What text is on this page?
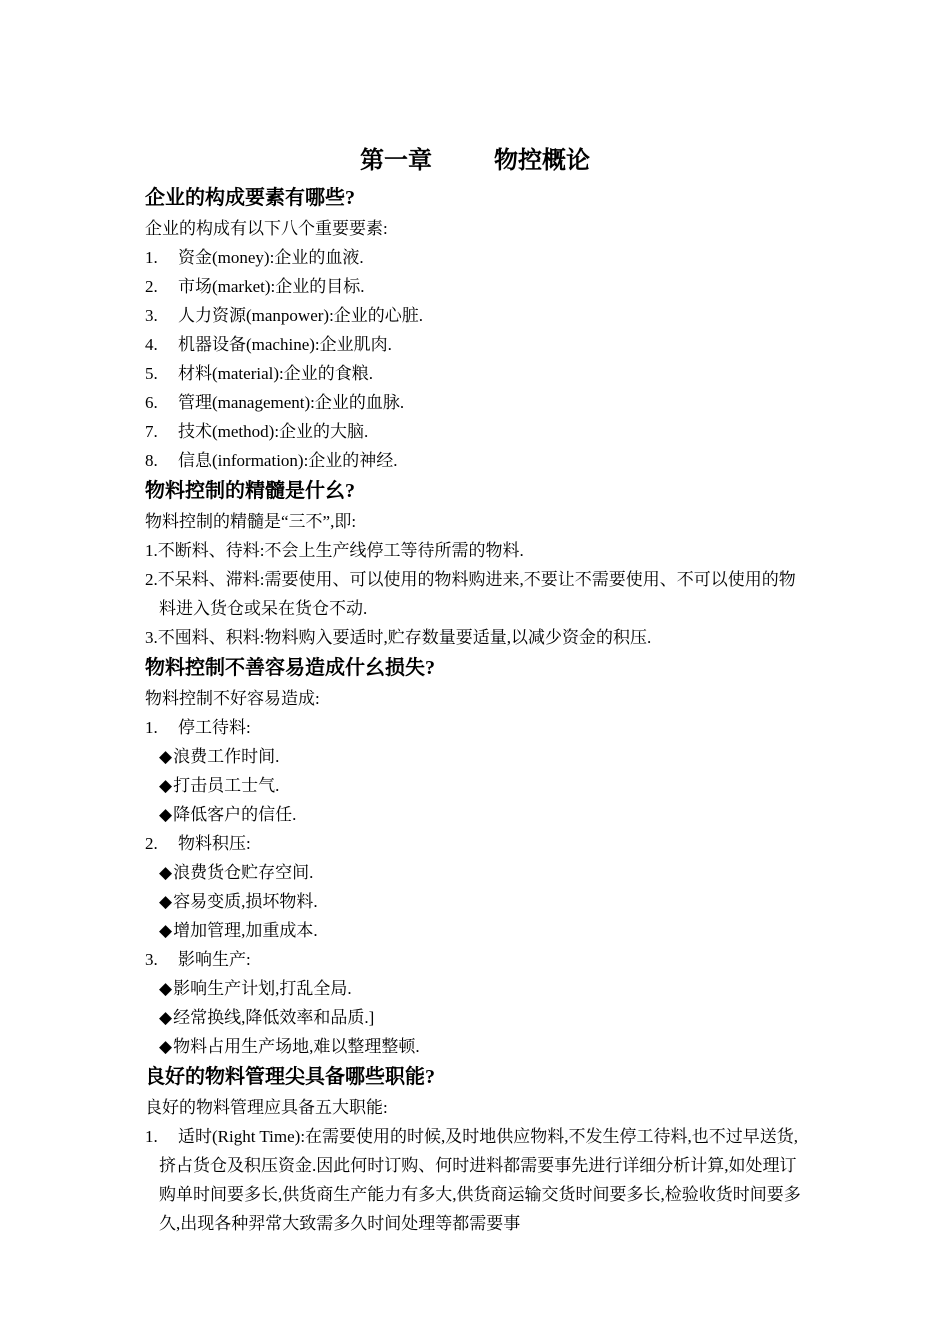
第一章	物控概论
企业的构成要素有哪些?

企业的构成有以下八个重要要素:

1.	资金(money):企业的血液.
2.	市场(market):企业的目标.
3.	人力资源(manpower):企业的心脏.
4.	机器设备(machine):企业肌肉.
5.	材料(material):企业的食粮.
6.	管理(management):企业的血脉.
7.	技术(method):企业的大脑.
8.	信息(information):企业的神经.
物料控制的精髓是什幺?

物料控制的精髓是“三不”,即:

1.不断料、待料:不会上生产线停工等待所需的物料.
2.不呆料、滞料:需要使用、可以使用的物料购进来,不要让不需要使用、不可以使用的物料进入货仓或呆在货仓不动.
3.不囤料、积料:物料购入要适时,贮存数量要适量,以减少资金的积压.
物料控制不善容易造成什幺损失?

物料控制不好容易造成:

1.	停工待料:
◆浪费工作时间.
◆打击员工士气.
◆降低客户的信任.
2.	物料积压:
◆浪费货仓贮存空间.
◆容易变质,损坏物料.
◆增加管理,加重成本.
3.	影响生产:
◆影响生产计划,打乱全局.
◆经常换线,降低效率和品质.]
◆物料占用生产场地,难以整理整顿.
良好的物料管理尖具备哪些职能?

良好的物料管理应具备五大职能:

1. 适时(Right Time):在需要使用的时候,及时地供应物料,不发生停工待料,也不过早送货,挤占货仓及积压资金.因此何时订购、何时进料都需要事先进行详细分析计算,如处理订购单时间要多长,供货商生产能力有多大,供货商运输交货时间要多长,检验收货时间要多久,出现各种羿常大致需多久时间处理等都需要事
